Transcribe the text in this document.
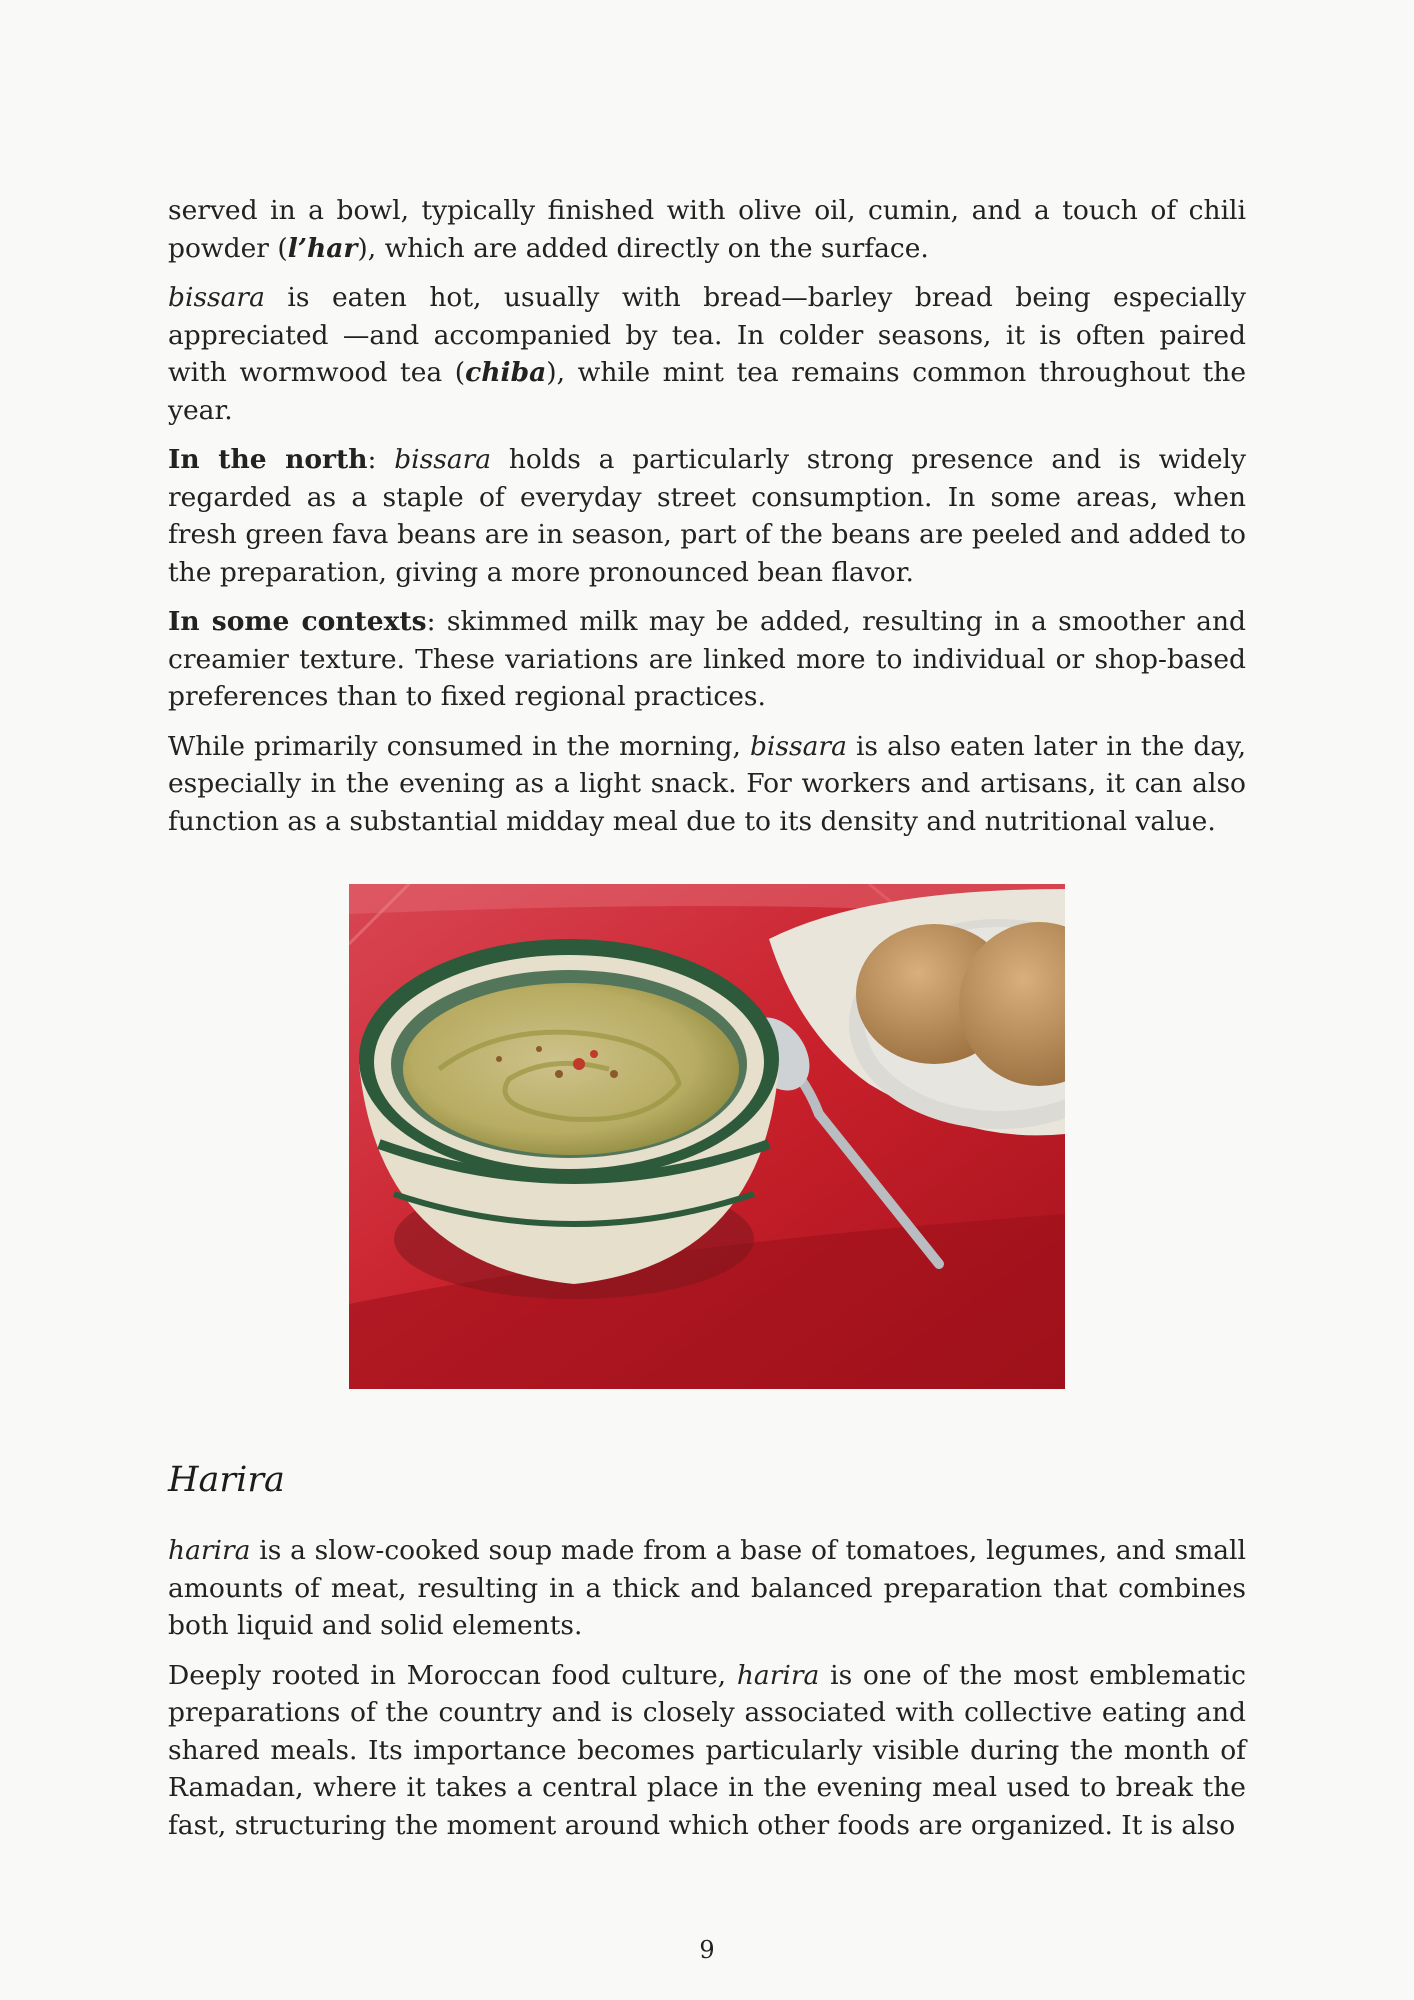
served in a bowl, typically finished with olive oil, cumin, and a touch of chili powder (l’har), which are added directly on the surface.

bissara is eaten hot, usually with bread—barley bread being especially appreciated —and accompanied by tea. In colder seasons, it is often paired with wormwood tea (chiba), while mint tea remains common throughout the year.

In the north: bissara holds a particularly strong presence and is widely regarded as a staple of everyday street consumption. In some areas, when fresh green fava beans are in season, part of the beans are peeled and added to the preparation, giving a more pronounced bean flavor.

In some contexts: skimmed milk may be added, resulting in a smoother and creamier texture. These variations are linked more to individual or shop-based preferences than to fixed regional practices.

While primarily consumed in the morning, bissara is also eaten later in the day, especially in the evening as a light snack. For workers and artisans, it can also function as a substantial midday meal due to its density and nutritional value.

Harira

harira is a slow-cooked soup made from a base of tomatoes, legumes, and small amounts of meat, resulting in a thick and balanced preparation that combines both liquid and solid elements.

Deeply rooted in Moroccan food culture, harira is one of the most emblematic preparations of the country and is closely associated with collective eating and shared meals. Its importance becomes particularly visible during the month of Ramadan, where it takes a central place in the evening meal used to break the fast, structuring the moment around which other foods are organized. It is also

9
